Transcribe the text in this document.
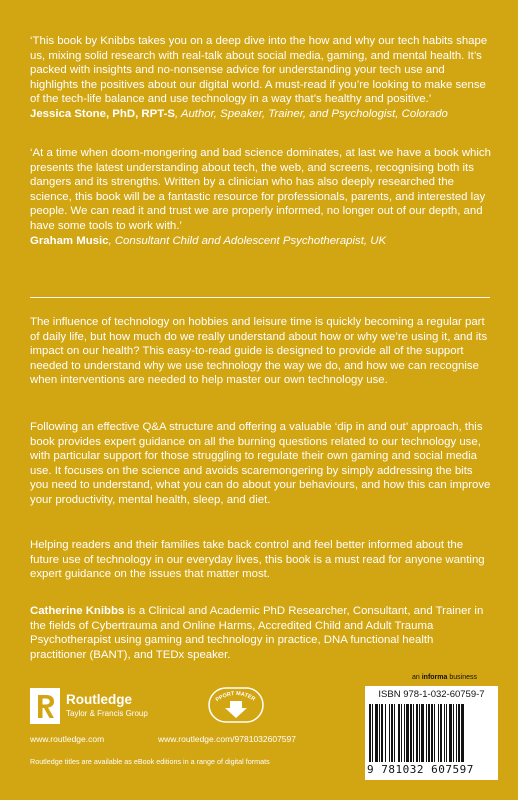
‘This book by Knibbs takes you on a deep dive into the how and why our tech habits shape us, mixing solid research with real-talk about social media, gaming, and mental health. It’s packed with insights and no-nonsense advice for understanding your tech use and highlights the positives about our digital world. A must-read if you’re looking to make sense of the tech-life balance and use technology in a way that’s healthy and positive.’
Jessica Stone, PhD, RPT-S, Author, Speaker, Trainer, and Psychologist, Colorado

‘At a time when doom-mongering and bad science dominates, at last we have a book which presents the latest understanding about tech, the web, and screens, recognising both its dangers and its strengths. Written by a clinician who has also deeply researched the science, this book will be a fantastic resource for professionals, parents, and interested lay people. We can read it and trust we are properly informed, no longer out of our depth, and have some tools to work with.’
Graham Music, Consultant Child and Adolescent Psychotherapist, UK

The influence of technology on hobbies and leisure time is quickly becoming a regular part of daily life, but how much do we really understand about how or why we’re using it, and its impact on our health? This easy-to-read guide is designed to provide all of the support needed to understand why we use technology the way we do, and how we can recognise when interventions are needed to help master our own technology use.

Following an effective Q&A structure and offering a valuable ‘dip in and out’ approach, this book provides expert guidance on all the burning questions related to our technology use, with particular support for those struggling to regulate their own gaming and social media use. It focuses on the science and avoids scaremongering by simply addressing the bits you need to understand, what you can do about your behaviours, and how this can improve your productivity, mental health, sleep, and diet.

Helping readers and their families take back control and feel better informed about the future use of technology in our everyday lives, this book is a must read for anyone wanting expert guidance on the issues that matter most.

Catherine Knibbs is a Clinical and Academic PhD Researcher, Consultant, and Trainer in the fields of Cybertrauma and Online Harms, Accredited Child and Adult Trauma Psychotherapist using gaming and technology in practice, DNA functional health practitioner (BANT), and TEDx speaker.

Routledge
Taylor & Francis Group
www.routledge.com
PPORT MATER
www.routledge.com/9781032607597
Routledge titles are available as eBook editions in a range of digital formats
an informa business
ISBN 978-1-032-60759-7
9 781032 607597
